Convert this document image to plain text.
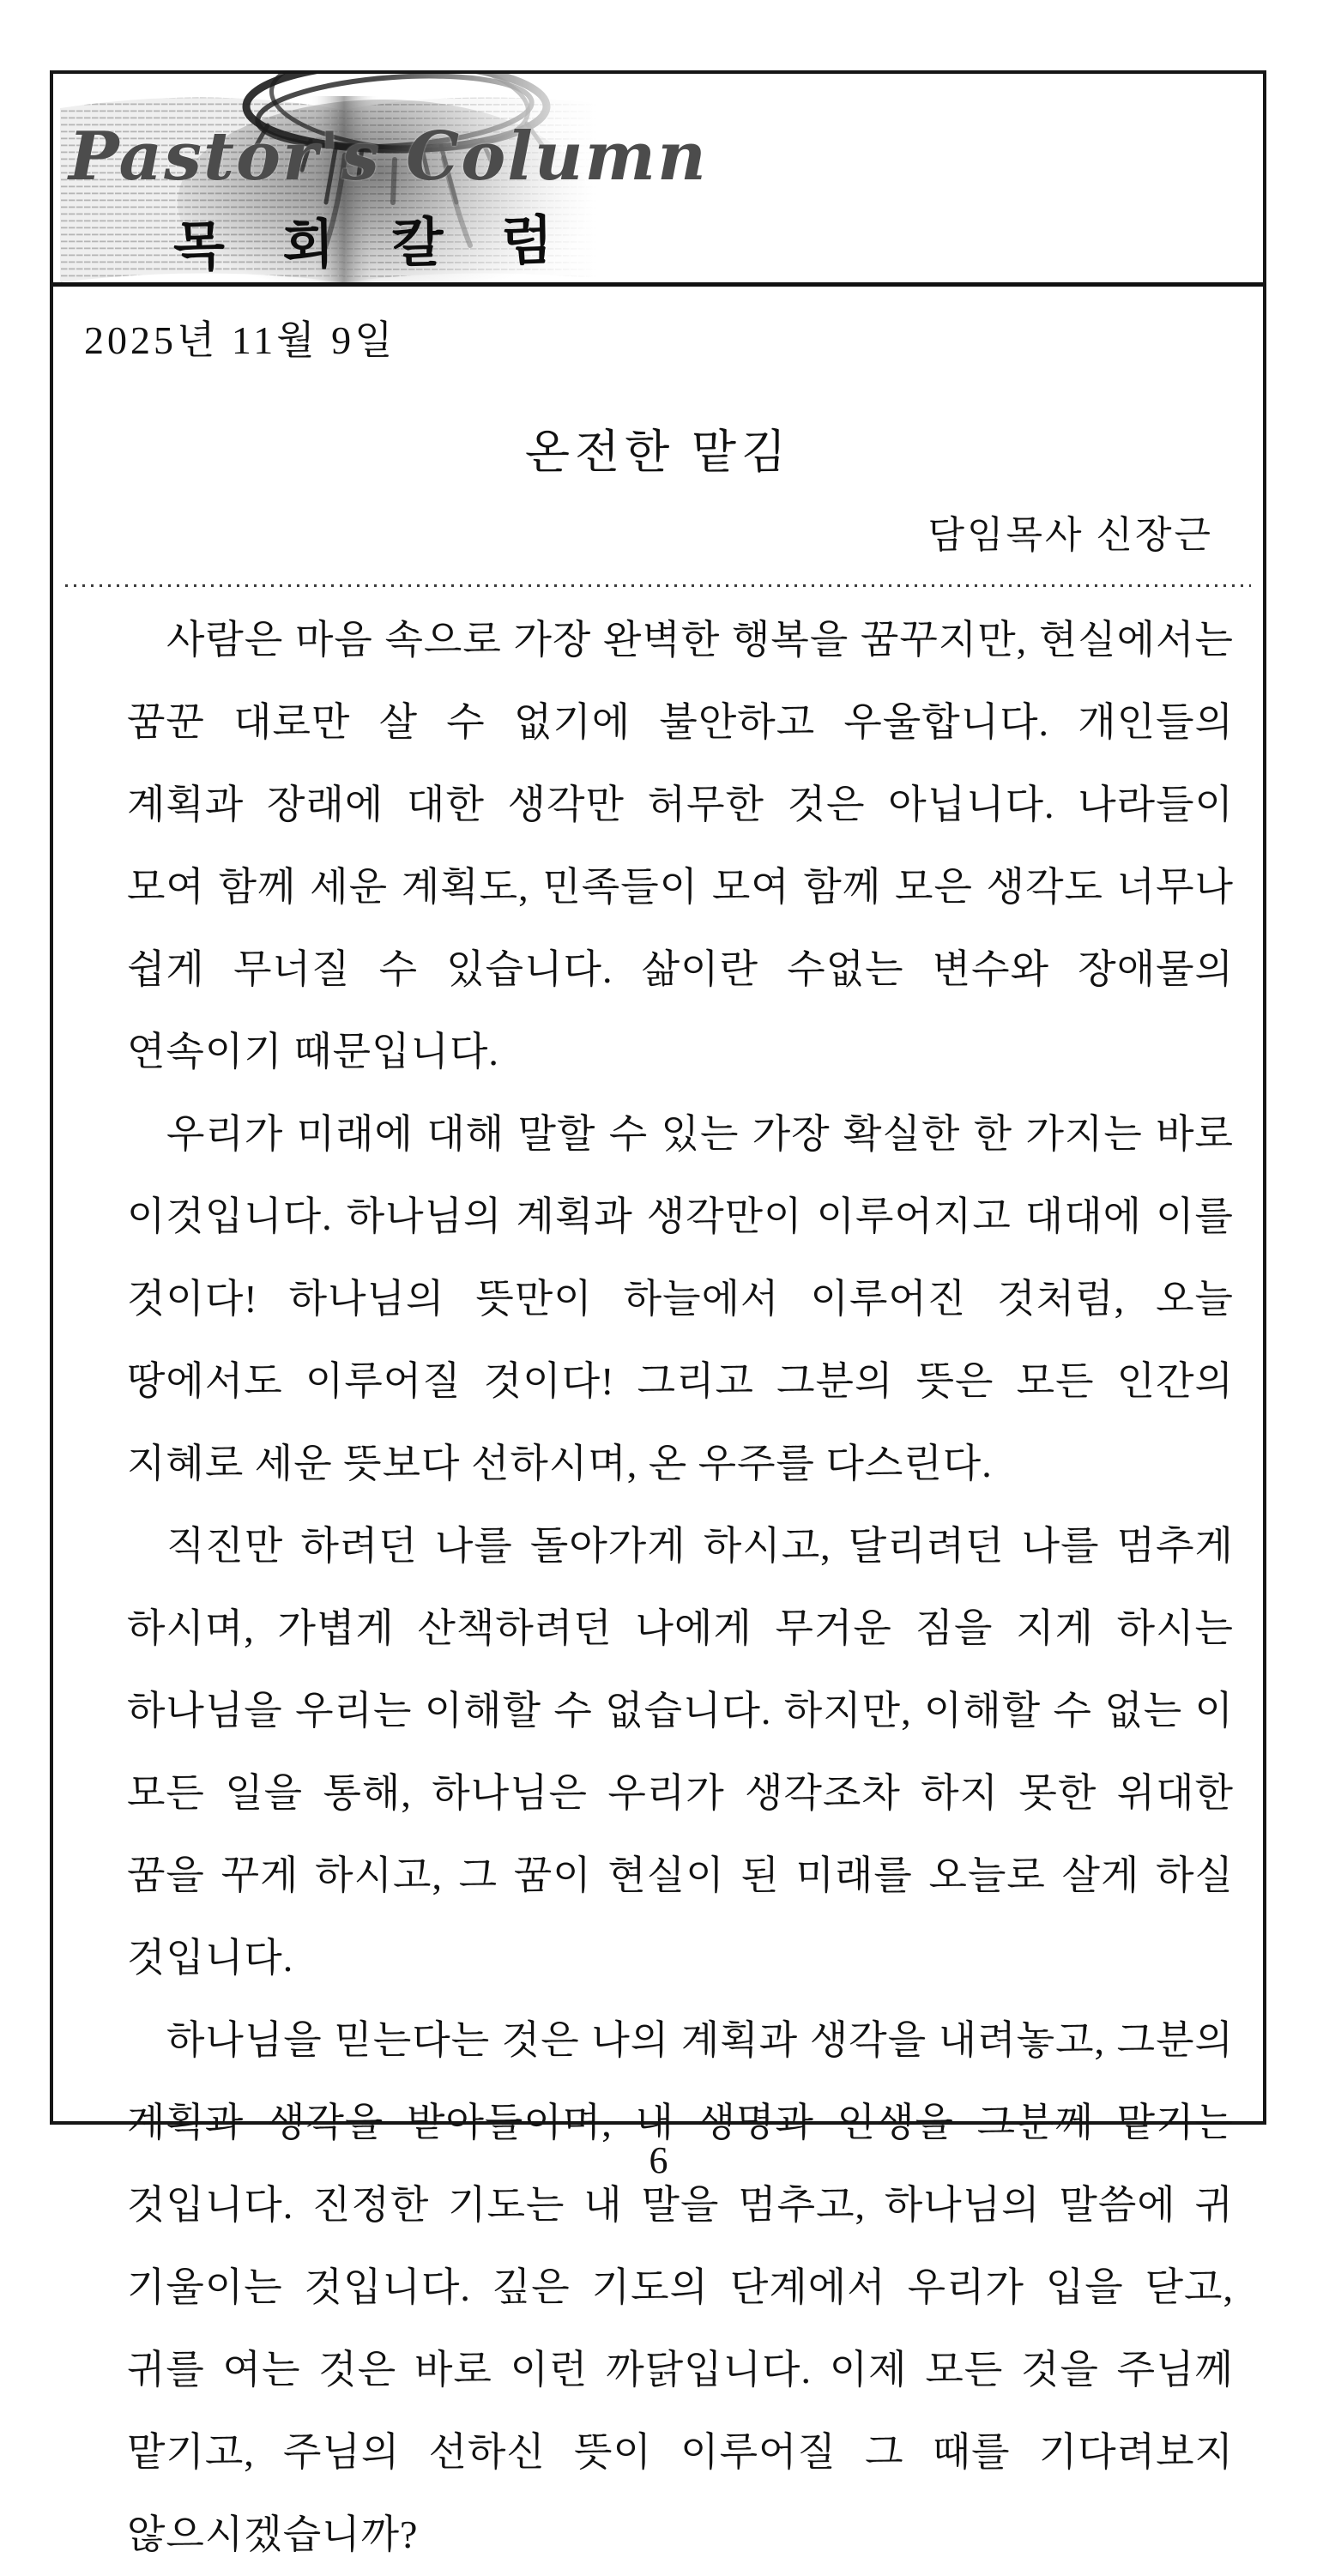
Pastor's Column
목 회 칼 럼
2025년 11월 9일
온전한 맡김
담임목사 신장근

사람은 마음 속으로 가장 완벽한 행복을 꿈꾸지만, 현실에서는 꿈꾼 대로만 살 수 없기에 불안하고 우울합니다. 개인들의 계획과 장래에 대한 생각만 허무한 것은 아닙니다. 나라들이 모여 함께 세운 계획도, 민족들이 모여 함께 모은 생각도 너무나 쉽게 무너질 수 있습니다. 삶이란 수없는 변수와 장애물의 연속이기 때문입니다.

우리가 미래에 대해 말할 수 있는 가장 확실한 한 가지는 바로 이것입니다. 하나님의 계획과 생각만이 이루어지고 대대에 이를 것이다! 하나님의 뜻만이 하늘에서 이루어진 것처럼, 오늘 땅에서도 이루어질 것이다! 그리고 그분의 뜻은 모든 인간의 지혜로 세운 뜻보다 선하시며, 온 우주를 다스린다.

직진만 하려던 나를 돌아가게 하시고, 달리려던 나를 멈추게 하시며, 가볍게 산책하려던 나에게 무거운 짐을 지게 하시는 하나님을 우리는 이해할 수 없습니다. 하지만, 이해할 수 없는 이 모든 일을 통해, 하나님은 우리가 생각조차 하지 못한 위대한 꿈을 꾸게 하시고, 그 꿈이 현실이 된 미래를 오늘로 살게 하실 것입니다.

하나님을 믿는다는 것은 나의 계획과 생각을 내려놓고, 그분의 계획과 생각을 받아들이며, 내 생명과 인생을 그분께 맡기는 것입니다. 진정한 기도는 내 말을 멈추고, 하나님의 말씀에 귀 기울이는 것입니다. 깊은 기도의 단계에서 우리가 입을 닫고, 귀를 여는 것은 바로 이런 까닭입니다. 이제 모든 것을 주님께 맡기고, 주님의 선하신 뜻이 이루어질 그 때를 기다려보지 않으시겠습니까?

6
